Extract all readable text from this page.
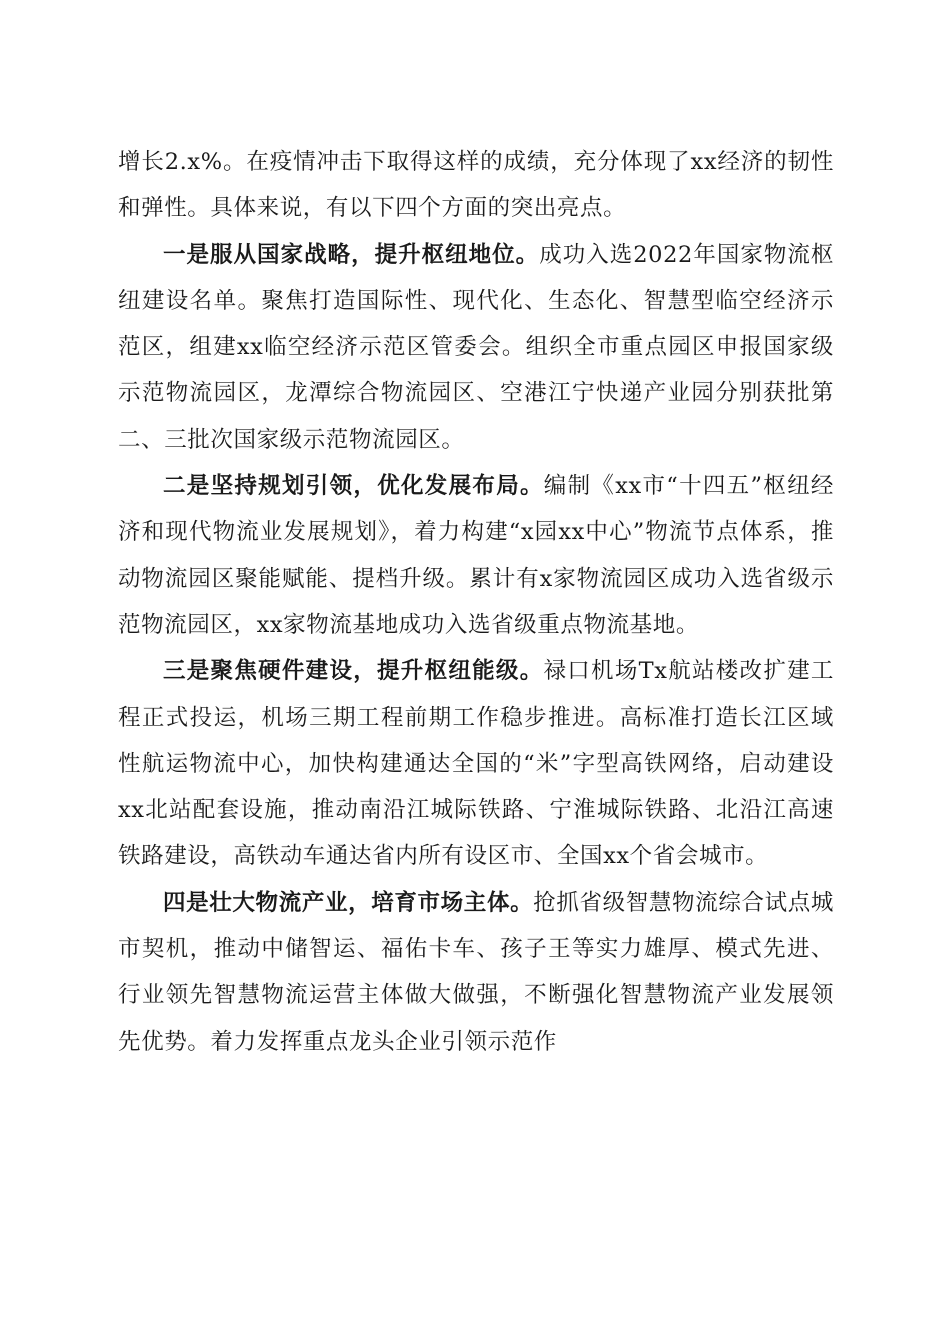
增长2.x%。在疫情冲击下取得这样的成绩，充分体现了xx经济的韧性和弹性。具体来说，有以下四个方面的突出亮点。

一是服从国家战略，提升枢纽地位。成功入选2022年国家物流枢纽建设名单。聚焦打造国际性、现代化、生态化、智慧型临空经济示范区，组建xx临空经济示范区管委会。组织全市重点园区申报国家级示范物流园区，龙潭综合物流园区、空港江宁快递产业园分别获批第二、三批次国家级示范物流园区。

二是坚持规划引领，优化发展布局。编制《xx市“十四五”枢纽经济和现代物流业发展规划》，着力构建“x园xx中心”物流节点体系，推动物流园区聚能赋能、提档升级。累计有x家物流园区成功入选省级示范物流园区，xx家物流基地成功入选省级重点物流基地。

三是聚焦硬件建设，提升枢纽能级。禄口机场Tx航站楼改扩建工程正式投运，机场三期工程前期工作稳步推进。高标准打造长江区域性航运物流中心，加快构建通达全国的“米”字型高铁网络，启动建设xx北站配套设施，推动南沿江城际铁路、宁淮城际铁路、北沿江高速铁路建设，高铁动车通达省内所有设区市、全国xx个省会城市。

四是壮大物流产业，培育市场主体。抢抓省级智慧物流综合试点城市契机，推动中储智运、福佑卡车、孩子王等实力雄厚、模式先进、行业领先智慧物流运营主体做大做强，不断强化智慧物流产业发展领先优势。着力发挥重点龙头企业引领示范作
